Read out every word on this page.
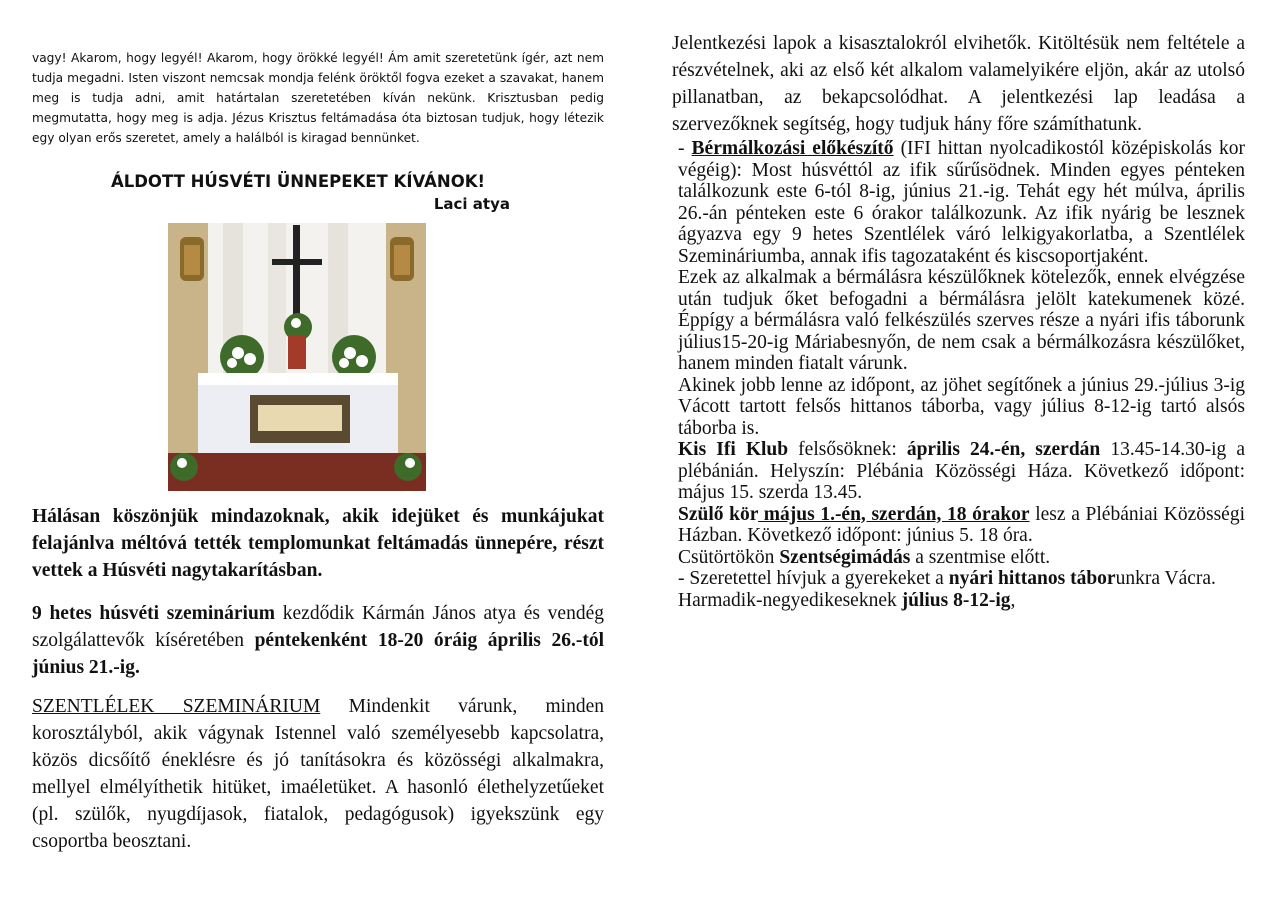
vagy! Akarom, hogy legyél! Akarom, hogy örökké legyél! Ám amit szeretetünk ígér, azt nem tudja megadni. Isten viszont nemcsak mondja felénk öröktől fogva ezeket a szavakat, hanem meg is tudja adni, amit határtalan szeretetében kíván nekünk. Krisztusban pedig megmutatta, hogy meg is adja. Jézus Krisztus feltámadása óta biztosan tudjuk, hogy létezik egy olyan erős szeretet, amely a halálból is kiragad bennünket.

ÁLDOTT HÚSVÉTI ÜNNEPEKET KÍVÁNOK!

Laci atya

Hálásan köszönjük mindazoknak, akik idejüket és munkájukat felajánlva méltóvá tették templomunkat feltámadás ünnepére, részt vettek a Húsvéti nagytakarításban.

9 hetes húsvéti szeminárium kezdődik Kármán János atya és vendég szolgálattevők kíséretében péntekenként 18-20 óráig április 26.-tól június 21.-ig.

SZENTLÉLEK SZEMINÁRIUM Mindenkit várunk, minden korosztályból, akik vágynak Istennel való személyesebb kapcsolatra, közös dicsőítő éneklésre és jó tanításokra és közösségi alkalmakra, mellyel elmélyíthetik hitüket, imaéletüket. A hasonló élethelyzetűeket (pl. szülők, nyugdíjasok, fiatalok, pedagógusok) igyekszünk egy csoportba beosztani.

Jelentkezési lapok a kisasztalokról elvihetők. Kitöltésük nem feltétele a részvételnek, aki az első két alkalom valamelyikére eljön, akár az utolsó pillanatban, az bekapcsolódhat. A jelentkezési lap leadása a szervezőknek segítség, hogy tudjuk hány főre számíthatunk.

- Bérmálkozási előkészítő (IFI hittan nyolcadikostól középiskolás kor végéig): Most húsvéttól az ifik sűrűsödnek. Minden egyes pénteken találkozunk este 6-tól 8-ig, június 21.-ig. Tehát egy hét múlva, április 26.-án pénteken este 6 órakor találkozunk. Az ifik nyárig be lesznek ágyazva egy 9 hetes Szentlélek váró lelkigyakorlatba, a Szentlélek Szemináriumba, annak ifis tagozataként és kiscsoportjaként.

Ezek az alkalmak a bérmálásra készülőknek kötelezők, ennek elvégzése után tudjuk őket befogadni a bérmálásra jelölt katekumenek közé. Éppígy a bérmálásra való felkészülés szerves része a nyári ifis táborunk július15-20-ig Máriabesnyőn, de nem csak a bérmálkozásra készülőket, hanem minden fiatalt várunk.

Akinek jobb lenne az időpont, az jöhet segítőnek a június 29.-július 3-ig Vácott tartott felsős hittanos táborba, vagy július 8-12-ig tartó alsós táborba is.

Kis Ifi Klub felsősöknek: április 24.-én, szerdán 13.45-14.30-ig a plébánián. Helyszín: Plébánia Közösségi Háza. Következő időpont: május 15. szerda 13.45.

Szülő kör május 1.-én, szerdán, 18 órakor lesz a Plébániai Közösségi Házban. Következő időpont: június 5. 18 óra.

Csütörtökön Szentségimádás a szentmise előtt.

- Szeretettel hívjuk a gyerekeket a nyári hittanos táborunkra Vácra.
Harmadik-negyedikeseknek július 8-12-ig,
